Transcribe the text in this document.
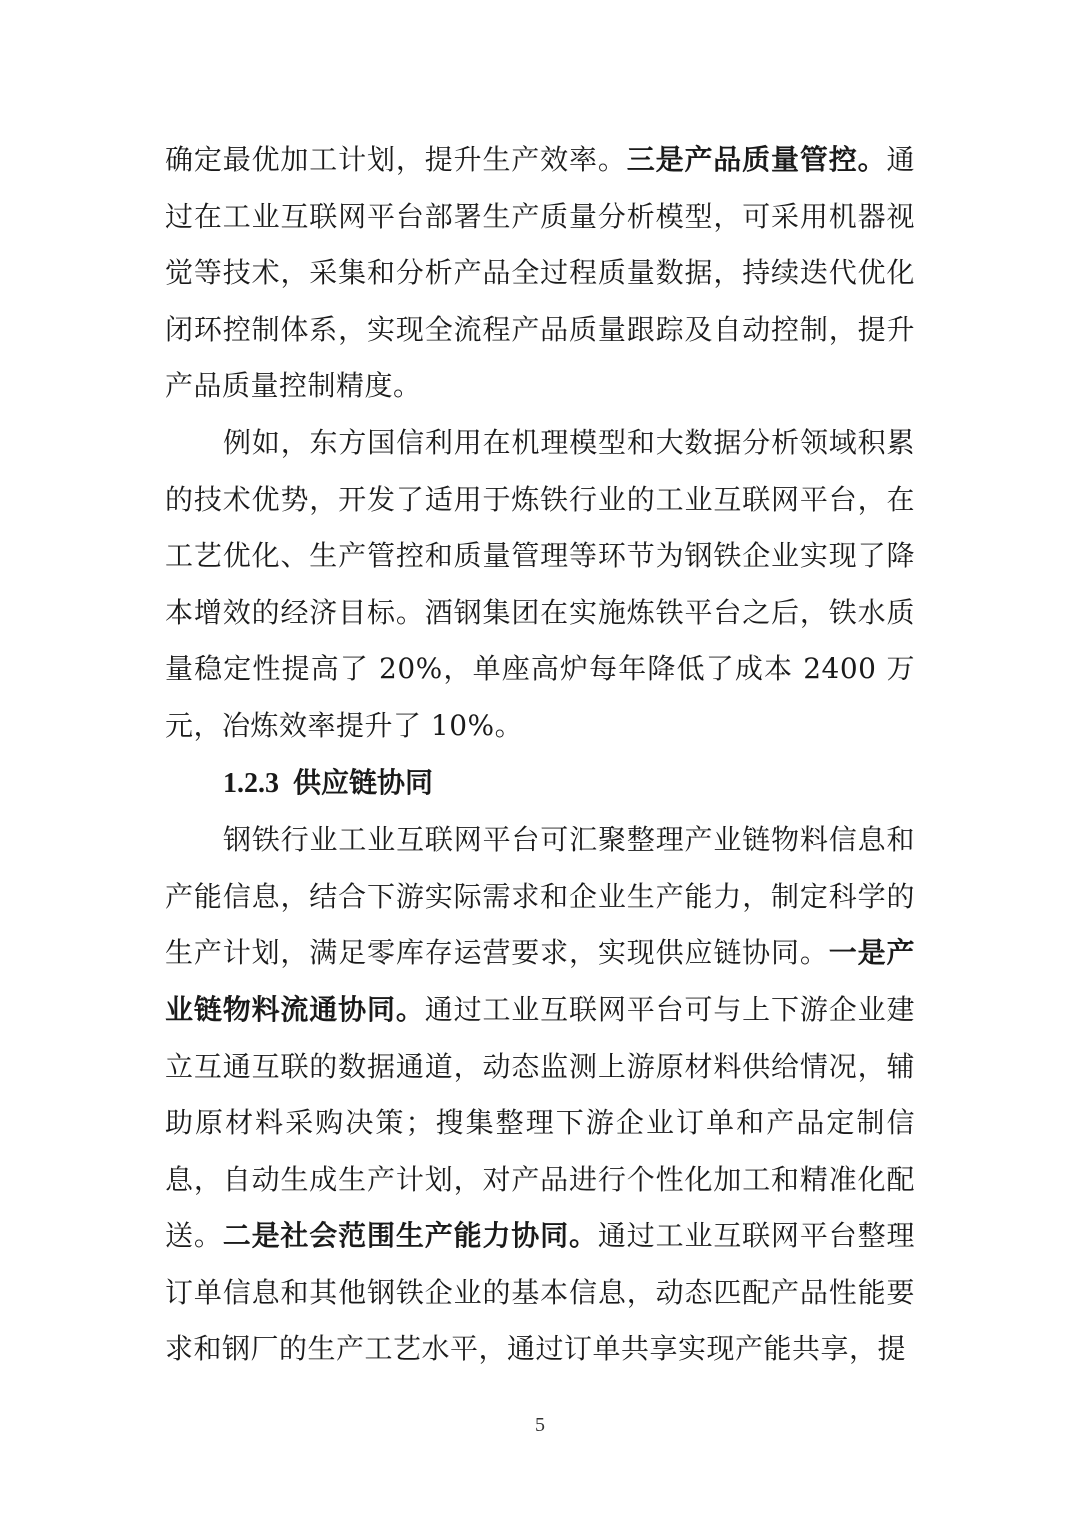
确定最优加工计划，提升生产效率。三是产品质量管控。通过在工业互联网平台部署生产质量分析模型，可采用机器视觉等技术，采集和分析产品全过程质量数据，持续迭代优化闭环控制体系，实现全流程产品质量跟踪及自动控制，提升产品质量控制精度。

例如，东方国信利用在机理模型和大数据分析领域积累的技术优势，开发了适用于炼铁行业的工业互联网平台，在工艺优化、生产管控和质量管理等环节为钢铁企业实现了降本增效的经济目标。酒钢集团在实施炼铁平台之后，铁水质量稳定性提高了 20%，单座高炉每年降低了成本 2400 万元，冶炼效率提升了 10%。

1.2.3 供应链协同

钢铁行业工业互联网平台可汇聚整理产业链物料信息和产能信息，结合下游实际需求和企业生产能力，制定科学的生产计划，满足零库存运营要求，实现供应链协同。一是产业链物料流通协同。通过工业互联网平台可与上下游企业建立互通互联的数据通道，动态监测上游原材料供给情况，辅助原材料采购决策；搜集整理下游企业订单和产品定制信息，自动生成生产计划，对产品进行个性化加工和精准化配送。二是社会范围生产能力协同。通过工业互联网平台整理订单信息和其他钢铁企业的基本信息，动态匹配产品性能要求和钢厂的生产工艺水平，通过订单共享实现产能共享，提

5
